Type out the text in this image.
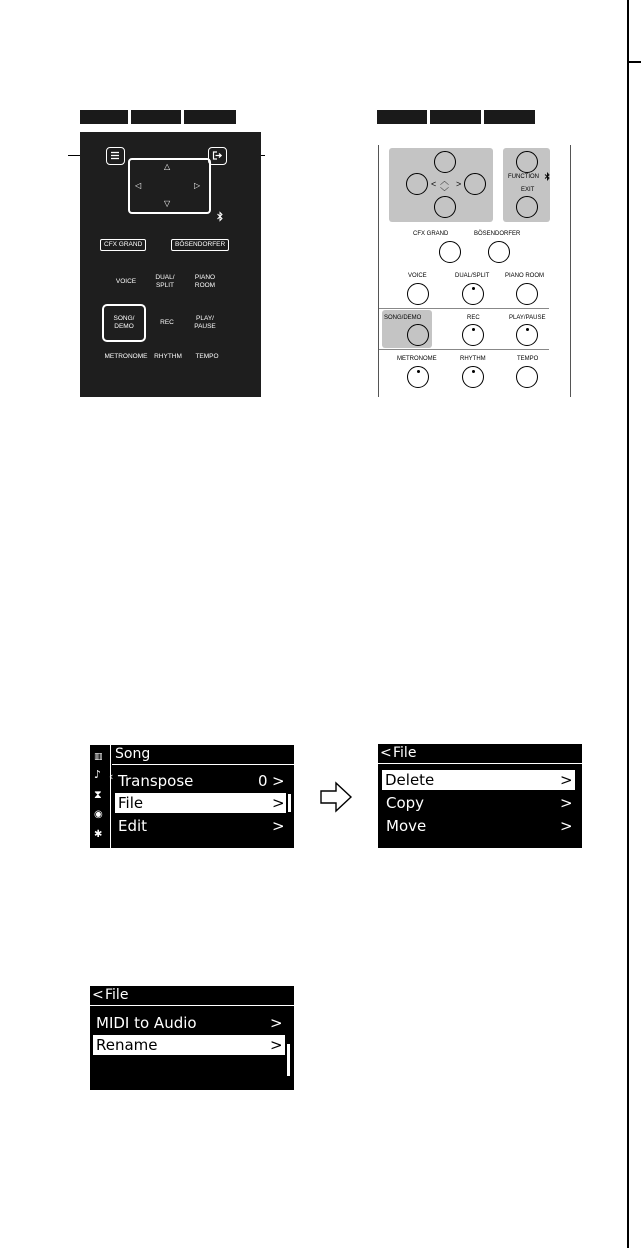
△
▽
◁	▷
CFX GRAND	BÖSENDORFER
VOICE
DUAL/
SPLIT
PIANO
ROOM
SONG/
DEMO
REC
PLAY/
PAUSE
METRONOME	RHYTHM	TEMPO
︿
﹀
< >
FUNCTION
EXIT
CFX GRAND	BÖSENDORFER
VOICE	DUAL/SPLIT	PIANO ROOM
SONG/DEMO	REC	PLAY/PAUSE
METRONOME	RHYTHM	TEMPO
▥
♪
⧗
◉
✱
‹
Song
Transpose	0 >
File	>
Edit	>
< File
Delete	>
Copy	>
Move	>
< File
MIDI to Audio	>
Rename	>
